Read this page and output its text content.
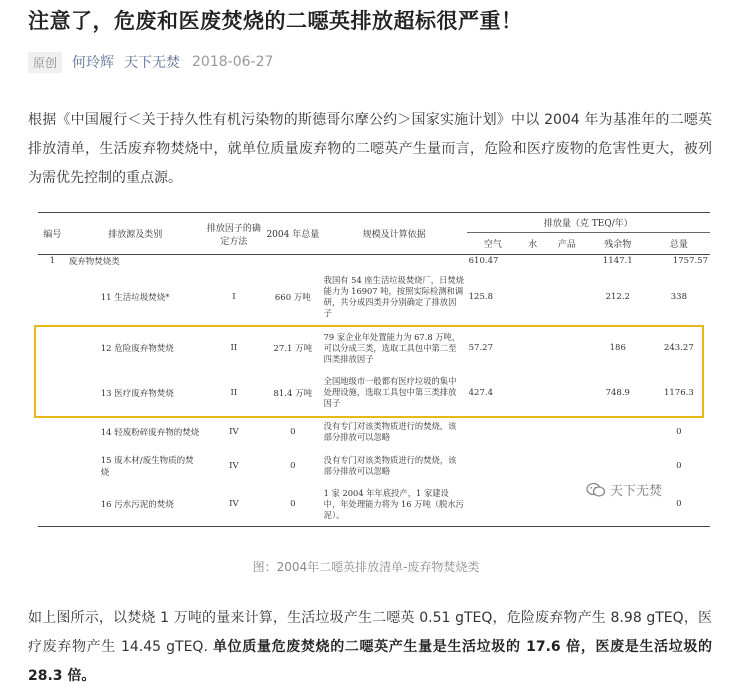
注意了，危废和医废焚烧的二噁英排放超标很严重！
原创	何玲辉 天下无焚 2018-06-27
根据《中国履行＜关于持久性有机污染物的斯德哥尔摩公约＞国家实施计划》中以 2004 年为基准年的二噁英排放清单，生活废弃物焚烧中，就单位质量废弃物的二噁英产生量而言，危险和医疗废物的危害性更大，被列为需优先控制的重点源。
编号	排放源及类别	排放因子的确定方法	2004 年总量	规模及计算依据	排放量（克 TEQ/年）				
					空气	水	产品	残余物	总量
1	废弃物焚烧类				610.47			1147.1	1757.57
	11 生活垃圾焚烧*	I	660 万吨	我国有 54 座生活垃圾焚烧厂，日焚烧能力为 16907 吨，按照实际检测和调研，共分成四类并分别确定了排放因子	125.8			212.2	338
	12 危险废弃物焚烧	II	27.1 万吨	79 家企业年处置能力为 67.8 万吨，可以分成三类，选取工具包中第二至四类排放因子	57.27			186	243.27
	13 医疗废弃物焚烧	II	81.4 万吨	全国地级市一般都有医疗垃圾的集中处理设施，选取工具包中第三类排放因子	427.4			748.9	1176.3
	14 轻废粉碎废弃物的焚烧	IV	0	没有专门对该类物质进行的焚烧，该部分排放可以忽略					0
	15 废木材/废生物质的焚烧	IV	0	没有专门对该类物质进行的焚烧，该部分排放可以忽略					0
	16 污水污泥的焚烧	IV	0	1 家 2004 年年底投产，1 家建设中，年处理能力将为 16 万吨（脱水污泥）。					0
天下无焚
图：2004年二噁英排放清单-废弃物焚烧类
如上图所示，以焚烧 1 万吨的量来计算，生活垃圾产生二噁英 0.51 gTEQ，危险废弃物产生 8.98 gTEQ，医疗废弃物产生 14.45 gTEQ. 单位质量危废焚烧的二噁英产生量是生活垃圾的 17.6 倍，医废是生活垃圾的 28.3 倍。
